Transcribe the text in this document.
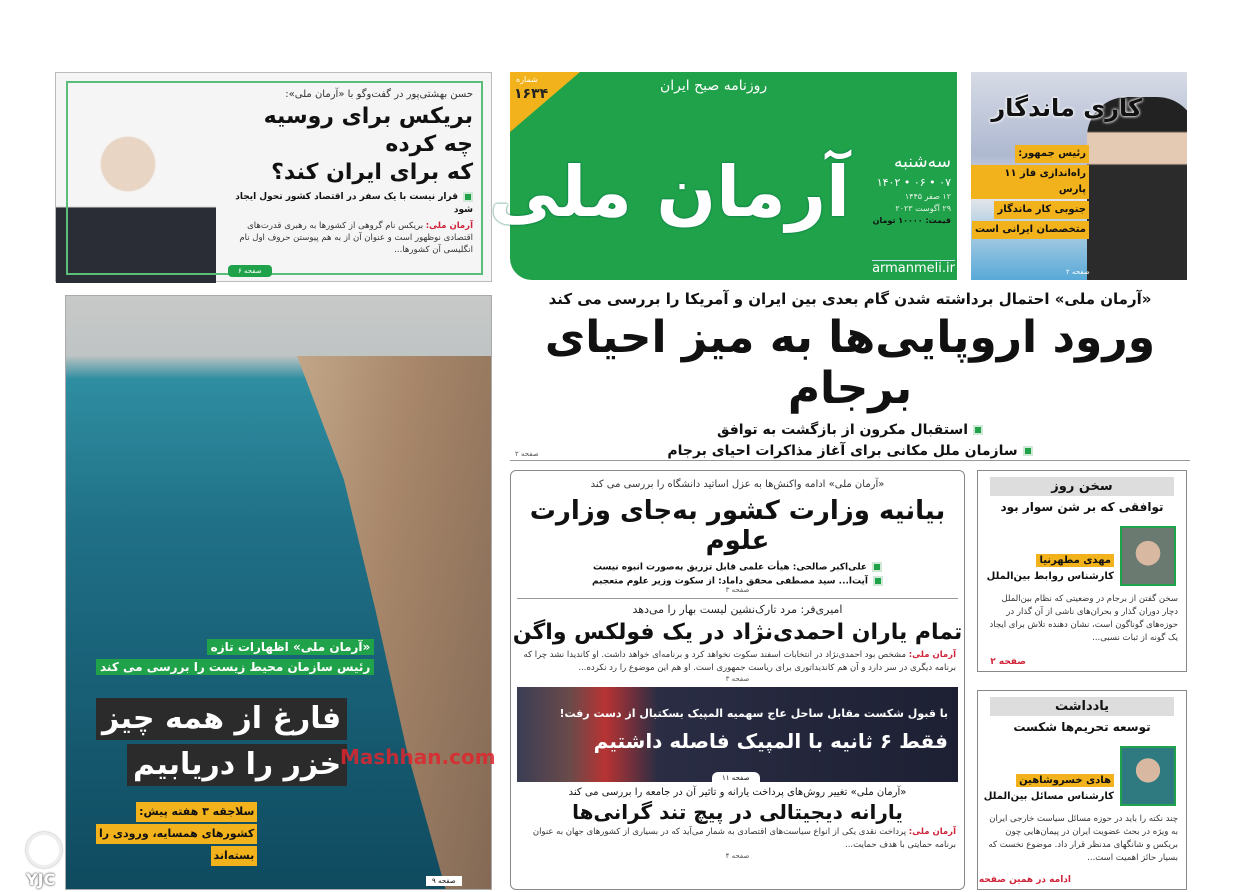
حسن بهشتی‌پور در گفت‌وگو با «آرمان ملی»:
بریکس برای روسیه چه کرده
که برای ایران کند؟
قرار نیست با یک سفر در اقتصاد کشور تحول ایجاد شود
آرمان ملی: بریکس نام گروهی از کشورها به رهبری قدرت‌های اقتصادی نوظهور است و عنوان آن از به هم پیوستن حروف اول نام انگلیسی آن کشورها...
صفحه ۶
شماره
۱۶۳۴	روزنامه صبح ایران
آرمان ملی	سه‌شنبه
۰۷ • ۰۶ • ۱۴۰۲
۱۲ صفر ۱۴۴۵
۲۹ آگوست ۲۰۲۳
قیمت: ۱۰۰۰۰ تومان
armanmeli.ir
کاری ماندگار
رئیس جمهور:
راه‌اندازی فاز ۱۱ پارس
جنوبی کار ماندگار
متخصصان ایرانی است
صفحه ۲
«آرمان ملی» احتمال برداشته شدن گام بعدی بین ایران و آمریکا را بررسی می کند
ورود اروپایی‌ها به میز احیای برجام
استقبال مکرون از بازگشت به توافق
سازمان ملل مکانی برای آغاز مذاکرات احیای برجام
صفحه ۲
«آرمان ملی» ادامه واکنش‌ها به عزل اساتید دانشگاه را بررسی می کند
بیانیه وزارت کشور به‌جای وزارت علوم
علی‌اکبر صالحی: هیأت علمی قابل تزریق به‌صورت انبوه نیست
آیت‌ا... سید مصطفی محقق داماد: از سکوت وزیر علوم متعجبم
صفحه ۳
امیری‌فر: مرد تارک‌نشین لیست بهار را می‌دهد
تمام یاران احمدی‌نژاد در یک فولکس واگن
آرمان ملی: مشخص بود احمدی‌نژاد در انتخابات اسفند سکوت نخواهد کرد و برنامه‌ای خواهد داشت. او کاندیدا نشد چرا که برنامه دیگری در سر دارد و آن هم کاندیداتوری برای ریاست جمهوری است. او هم این موضوع را رد نکرده...
صفحه ۳
با قبول شکست مقابل ساحل عاج سهمیه المپیک بسکتبال از دست رفت!
فقط ۶ ثانیه با المپیک فاصله داشتیم
صفحه ۱۱
«آرمان ملی» تغییر روش‌های پرداخت یارانه و تاثیر آن در جامعه را بررسی می کند
یارانه دیجیتالی در پیچ تند گرانی‌ها
آرمان ملی: پرداخت نقدی یکی از انواع سیاست‌های اقتصادی به شمار می‌آید که در بسیاری از کشورهای جهان به عنوان برنامه حمایتی با هدف حمایت...
صفحه ۴
سخن روز
توافقی که بر شن سوار بود
مهدی مطهرنیا
کارشناس روابط بین‌الملل
سخن گفتن از برجام در وضعیتی که نظام بین‌الملل دچار دوران گذار و بحران‌های ناشی از آن گذار در حوزه‌های گوناگون است، نشان دهنده تلاش برای ایجاد یک گونه از ثبات نسبی...
صفحه ۲
یادداشت
توسعه تحریم‌ها شکست
هادی خسروشاهین
کارشناس مسائل بین‌الملل
چند نکته را باید در حوزه مسائل سیاست خارجی ایران به ویژه در بحث عضویت ایران در پیمان‌هایی چون بریکس و شانگهای مدنظر قرار داد. موضوع نخست که بسیار حائز اهمیت است...
ادامه در همین صفحه
«آرمان ملی» اظهارات تازه
رئیس سازمان محیط زیست را بررسی می کند
فارغ از همه چیز
خزر را دریابیم
سلاجقه ۳ هفته پیش:
کشورهای همسایه، ورودی را
بسته‌اند
صفحه ۹
Mashhan.com
YJC
